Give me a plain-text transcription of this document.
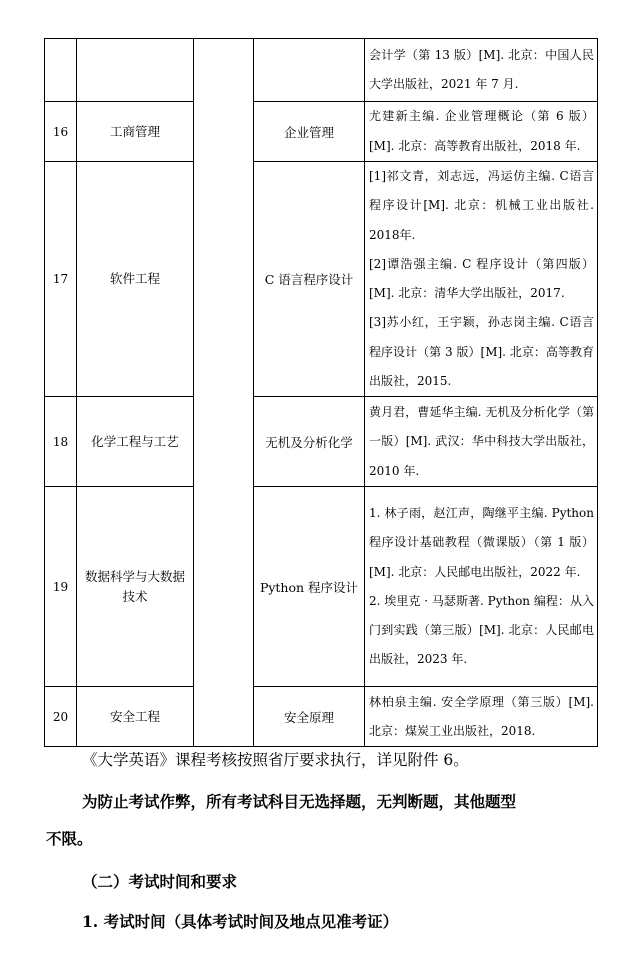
				会计学（第 13 版）[M]. 北京：中国人民大学出版社，2021 年 7 月.

16	工商管理		企业管理	尤建新主编. 企业管理概论（第 6 版）[M]. 北京：高等教育出版社，2018 年.

17	软件工程		C 语言程序设计	[1]祁文青，刘志远，冯运仿主编. C语言程序设计[M]. 北京：机械工业出版社. 2018年.
[2]谭浩强主编. C 程序设计（第四版）[M]. 北京：清华大学出版社，2017.
[3]苏小红，王宇颖，孙志岗主编. C语言程序设计（第 3 版）[M]. 北京：高等教育出版社，2015.

18	化学工程与工艺		无机及分析化学	黄月君，曹延华主编. 无机及分析化学（第一版）[M]. 武汉：华中科技大学出版社，2010 年.

19	数据科学与大数据技术		Python 程序设计	1. 林子雨，赵江声，陶继平主编. Python 程序设计基础教程（微课版）（第 1 版）[M]. 北京：人民邮电出版社，2022 年.
2. 埃里克 · 马瑟斯著. Python 编程：从入门到实践（第三版）[M]. 北京：人民邮电出版社，2023 年.

20	安全工程		安全原理	林柏泉主编. 安全学原理（第三版）[M]. 北京：煤炭工业出版社，2018.
《大学英语》课程考核按照省厅要求执行，详见附件 6。
为防止考试作弊，所有考试科目无选择题，无判断题，其他题型
不限。
（二）考试时间和要求
1. 考试时间（具体考试时间及地点见准考证）
